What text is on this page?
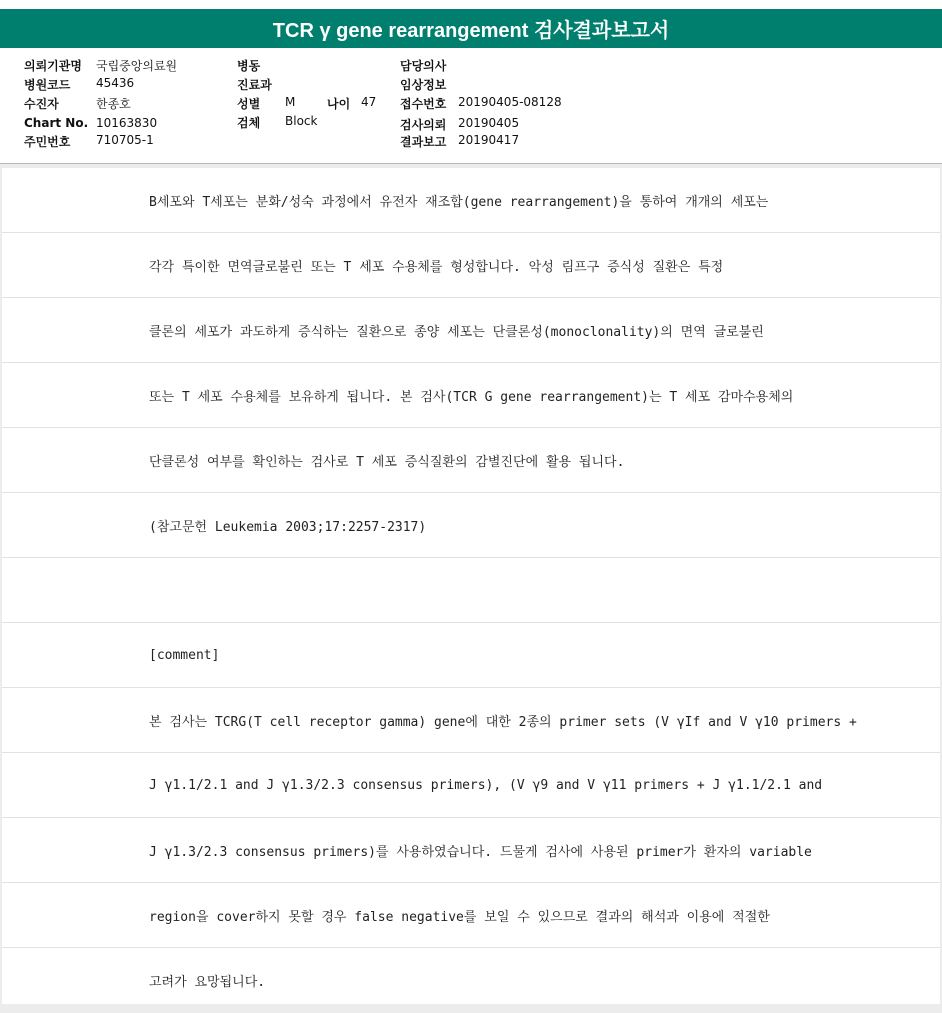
TCR γ gene rearrangement 검사결과보고서
의뢰기관명 국립중앙의료원
병원코드 45436
수진자	한종호
Chart No. 10163830
주민번호 710705-1
병동
진료과
성별 M	나이 47
검체 Block
담당의사
임상정보
접수번호 20190405-08128
검사의뢰 20190405
결과보고 20190417
B세포와 T세포는 분화/성숙 과정에서 유전자 재조합(gene rearrangement)을 통하여 개개의 세포는
각각 특이한 면역글로불린 또는 T 세포 수용체를 형성합니다. 악성 림프구 증식성 질환은 특정
클론의 세포가 과도하게 증식하는 질환으로 종양 세포는 단클론성(monoclonality)의 면역 글로불린
또는 T 세포 수용체를 보유하게 됩니다. 본 검사(TCR G gene rearrangement)는 T 세포 감마수용체의
단클론성 여부를 확인하는 검사로 T 세포 증식질환의 감별진단에 활용 됩니다.
(참고문헌 Leukemia 2003;17:2257-2317)
[comment]
본 검사는 TCRG(T cell receptor gamma) gene에 대한 2종의 primer sets (V γIf and V γ10 primers +
J γ1.1/2.1 and J γ1.3/2.3 consensus primers), (V γ9 and V γ11 primers + J γ1.1/2.1 and
J γ1.3/2.3 consensus primers)를 사용하였습니다. 드물게 검사에 사용된 primer가 환자의 variable
region을 cover하지 못할 경우 false negative를 보일 수 있으므로 결과의 해석과 이용에 적절한
고려가 요망됩니다.
